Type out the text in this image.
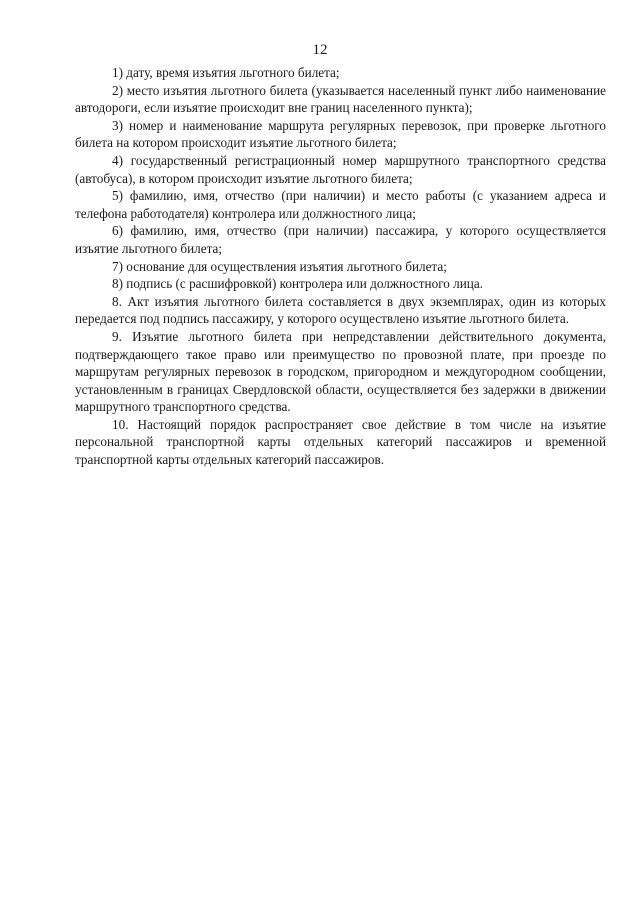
12

1) дату, время изъятия льготного билета;

2) место изъятия льготного билета (указывается населенный пункт либо наименование автодороги, если изъятие происходит вне границ населенного пункта);

3) номер и наименование маршрута регулярных перевозок, при проверке льготного билета на котором происходит изъятие льготного билета;

4) государственный регистрационный номер маршрутного транспортного средства (автобуса), в котором происходит изъятие льготного билета;

5) фамилию, имя, отчество (при наличии) и место работы (с указанием адреса и телефона работодателя) контролера или должностного лица;

6) фамилию, имя, отчество (при наличии) пассажира, у которого осуществляется изъятие льготного билета;

7) основание для осуществления изъятия льготного билета;

8) подпись (с расшифровкой) контролера или должностного лица.

8. Акт изъятия льготного билета составляется в двух экземплярах, один из которых передается под подпись пассажиру, у которого осуществлено изъятие льготного билета.

9. Изъятие льготного билета при непредставлении действительного документа, подтверждающего такое право или преимущество по провозной плате, при проезде по маршрутам регулярных перевозок в городском, пригородном и междугородном сообщении, установленным в границах Свердловской области, осуществляется без задержки в движении маршрутного транспортного средства.

10. Настоящий порядок распространяет свое действие в том числе на изъятие персональной транспортной карты отдельных категорий пассажиров и временной транспортной карты отдельных категорий пассажиров.
